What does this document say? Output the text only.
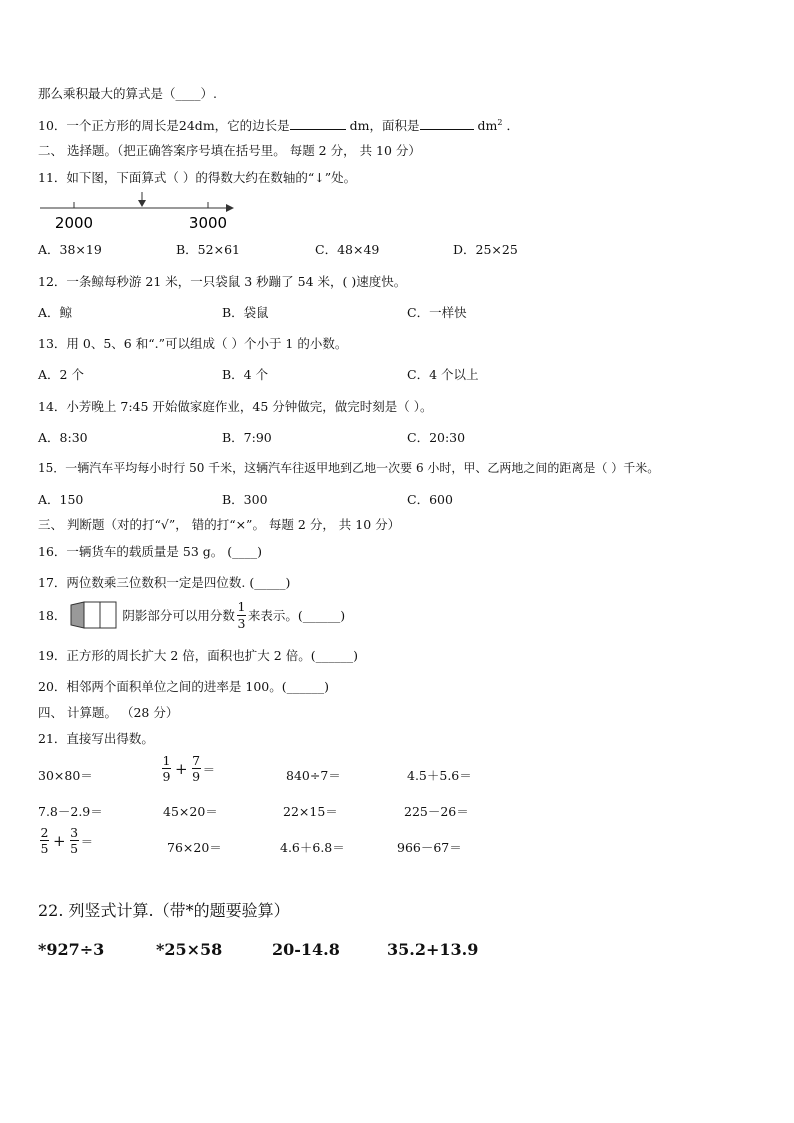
那么乘积最大的算式是（____）.
10．一个正方形的周长是24dm，它的边长是	dm，面积是	$dm^2$ ．
二、 选择题。（把正确答案序号填在括号里。 每题 2 分， 共 10 分）
11．如下图，下面算式（ ）的得数大约在数轴的“↓”处。
2000	3000
A．38×19	B．52×61	C．48×49	D．25×25
12．一条鲸每秒游 21 米，一只袋鼠 3 秒蹦了 54 米，( )速度快。
A．鲸	B．袋鼠	C．一样快
13．用 0、5、6 和“.”可以组成（ ）个小于 1 的小数。
A．2 个	B．4 个	C．4 个以上
14．小芳晚上 7:45 开始做家庭作业，45 分钟做完，做完时刻是（ ）。
A．8:30	B．7:90	C．20:30
15．一辆汽车平均每小时行 50 千米，这辆汽车往返甲地到乙地一次要 6 小时，甲、乙两地之间的距离是（ ）千米。
A．150	B．300	C．600
三、 判断题（对的打“√”， 错的打“×”。 每题 2 分， 共 10 分）
16．一辆货车的载质量是 53 g。 (____)
17．两位数乘三位数积一定是四位数. (_____)
18．	阴影部分可以用分数 $\frac{1}{3}$ 来表示。(______)
19．正方形的周长扩大 2 倍，面积也扩大 2 倍。(______)
20．相邻两个面积单位之间的进率是 100。(______)
四、 计算题。 （28 分）
21．直接写出得数。
30×80＝	$\frac{1}{9} + \frac{7}{9}$ ＝	840÷7＝	4.5＋5.6＝
7.8－2.9＝	45×20＝	22×15＝	225－26＝
$\frac{2}{5} + \frac{3}{5}$ ＝	76×20＝	4.6＋6.8＝	966－67＝
22. 列竖式计算.（带*的题要验算）
*927÷3	*25×58	20-14.8	35.2+13.9
